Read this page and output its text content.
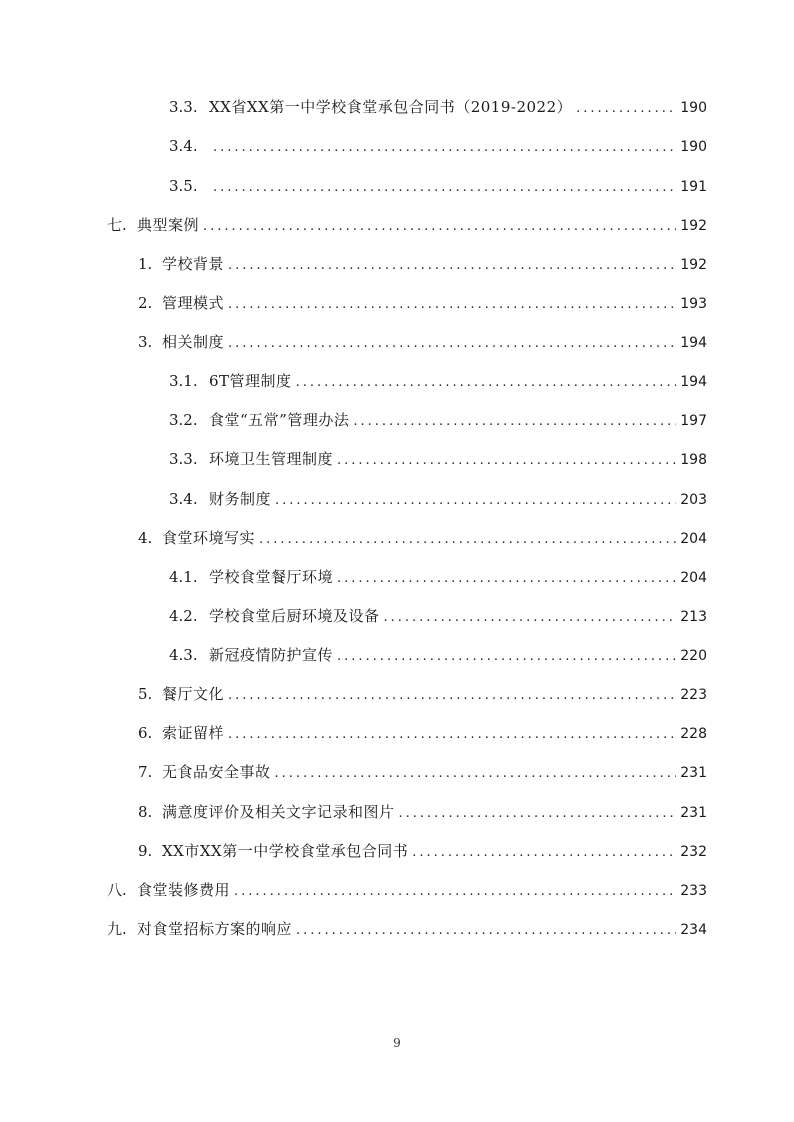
3.3. XX省XX第一中学校食堂承包合同书（2019-2022） .....	190
3.4. .....	190
3.5. .....	191
七. 典型案例 .....	192
1. 学校背景 .....	192
2. 管理模式 .....	193
3. 相关制度 .....	194
3.1. 6T管理制度 .....	194
3.2. 食堂“五常”管理办法 .....	197
3.3. 环境卫生管理制度 .....	198
3.4. 财务制度 .....	203
4. 食堂环境写实 .....	204
4.1. 学校食堂餐厅环境 .....	204
4.2. 学校食堂后厨环境及设备 .....	213
4.3. 新冠疫情防护宣传 .....	220
5. 餐厅文化 .....	223
6. 索证留样 .....	228
7. 无食品安全事故 .....	231
8. 满意度评价及相关文字记录和图片 .....	231
9. XX市XX第一中学校食堂承包合同书 .....	232
八. 食堂装修费用 .....	233
九. 对食堂招标方案的响应 .....	234
9
